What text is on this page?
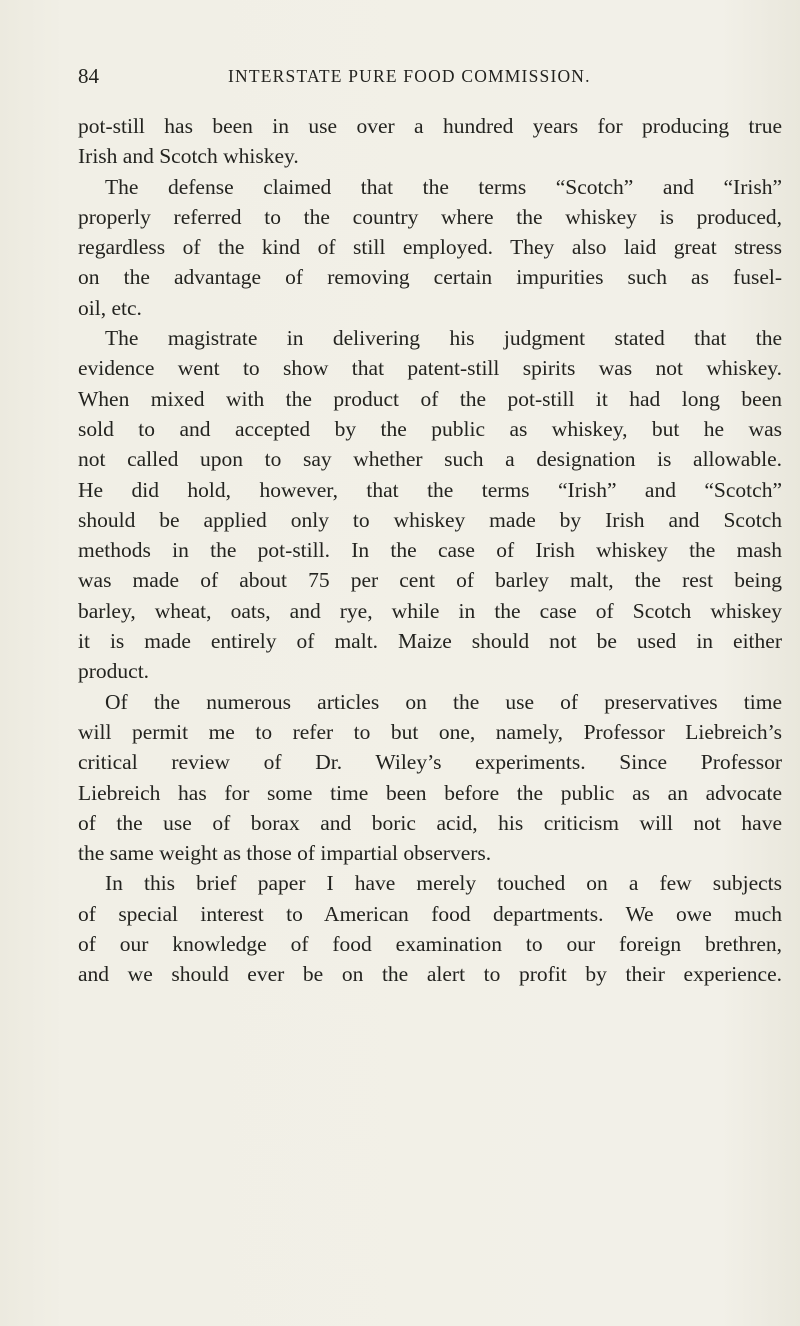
84	INTERSTATE PURE FOOD COMMISSION.
pot-still has been in use over a hundred years for producing true
Irish and Scotch whiskey.
The defense claimed that the terms “Scotch” and “Irish”
properly referred to the country where the whiskey is produced,
regardless of the kind of still employed. They also laid great stress
on the advantage of removing certain impurities such as fusel-
oil, etc.
The magistrate in delivering his judgment stated that the
evidence went to show that patent-still spirits was not whiskey.
When mixed with the product of the pot-still it had long been
sold to and accepted by the public as whiskey, but he was
not called upon to say whether such a designation is allowable.
He did hold, however, that the terms “Irish” and “Scotch”
should be applied only to whiskey made by Irish and Scotch
methods in the pot-still. In the case of Irish whiskey the mash
was made of about 75 per cent of barley malt, the rest being
barley, wheat, oats, and rye, while in the case of Scotch whiskey
it is made entirely of malt. Maize should not be used in either
product.
Of the numerous articles on the use of preservatives time
will permit me to refer to but one, namely, Professor Liebreich’s
critical review of Dr. Wiley’s experiments. Since Professor
Liebreich has for some time been before the public as an advocate
of the use of borax and boric acid, his criticism will not have
the same weight as those of impartial observers.
In this brief paper I have merely touched on a few subjects
of special interest to American food departments. We owe much
of our knowledge of food examination to our foreign brethren,
and we should ever be on the alert to profit by their experience.
